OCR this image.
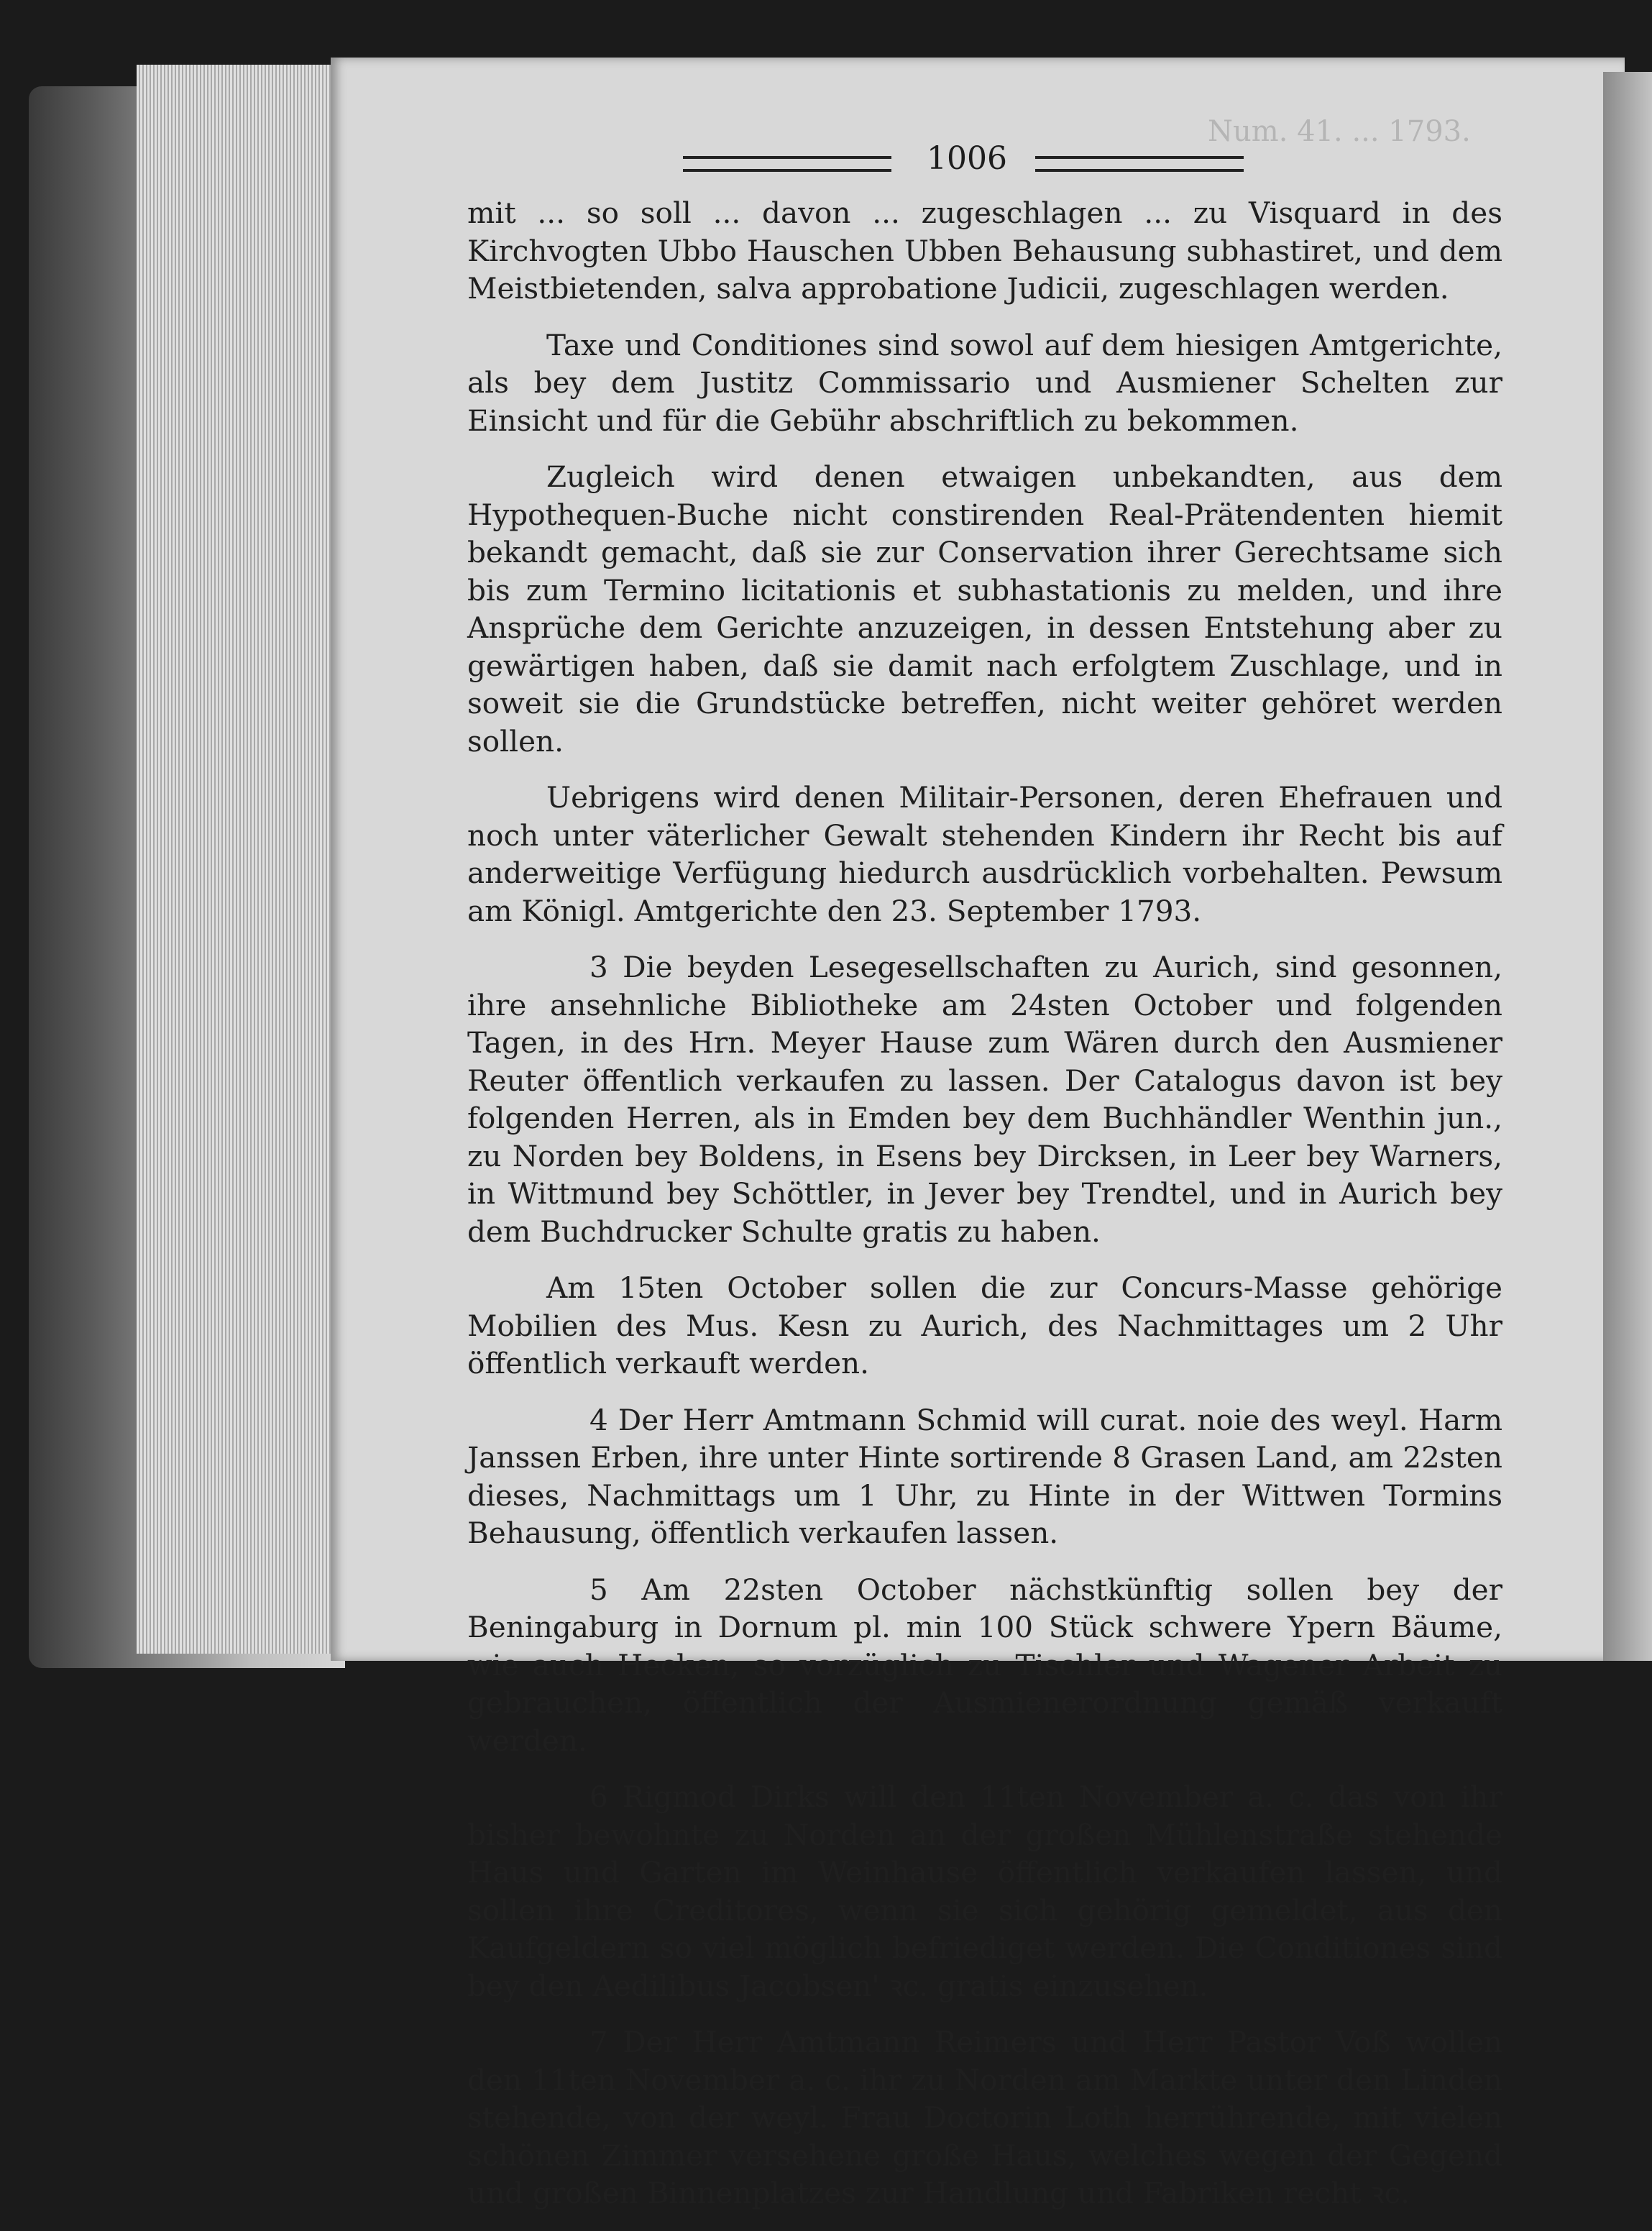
Num. 41. ... 1793.
1006

mit ... so soll ... davon ... zugeschlagen ... zu Visquard in des Kirchvogten Ubbo Hauschen Ubben Behausung subhastiret, und dem Meistbietenden, salva approbatione Judicii, zugeschlagen werden.

Taxe und Conditiones sind sowol auf dem hiesigen Amtgerichte, als bey dem Justitz Commissario und Ausmiener Schelten zur Einsicht und für die Gebühr abschriftlich zu bekommen.

Zugleich wird denen etwaigen unbekandten, aus dem Hypothequen-Buche nicht constirenden Real-Prätendenten hiemit bekandt gemacht, daß sie zur Conservation ihrer Gerechtsame sich bis zum Termino licitationis et subhastationis zu melden, und ihre Ansprüche dem Gerichte anzuzeigen, in dessen Entstehung aber zu gewärtigen haben, daß sie damit nach erfolgtem Zuschlage, und in soweit sie die Grundstücke betreffen, nicht weiter gehöret werden sollen.

Uebrigens wird denen Militair-Personen, deren Ehefrauen und noch unter väterlicher Gewalt stehenden Kindern ihr Recht bis auf anderweitige Verfügung hiedurch ausdrücklich vorbehalten. Pewsum am Königl. Amtgerichte den 23. September 1793.

3 Die beyden Lesegesellschaften zu Aurich, sind gesonnen, ihre ansehnliche Bibliotheke am 24sten October und folgenden Tagen, in des Hrn. Meyer Hause zum Wären durch den Ausmiener Reuter öffentlich verkaufen zu lassen. Der Catalogus davon ist bey folgenden Herren, als in Emden bey dem Buchhändler Wenthin jun., zu Norden bey Boldens, in Esens bey Dircksen, in Leer bey Warners, in Wittmund bey Schöttler, in Jever bey Trendtel, und in Aurich bey dem Buchdrucker Schulte gratis zu haben.

Am 15ten October sollen die zur Concurs-Masse gehörige Mobilien des Mus. Kesn zu Aurich, des Nachmittages um 2 Uhr öffentlich verkauft werden.

4 Der Herr Amtmann Schmid will curat. noie des weyl. Harm Janssen Erben, ihre unter Hinte sortirende 8 Grasen Land, am 22sten dieses, Nachmittags um 1 Uhr, zu Hinte in der Wittwen Tormins Behausung, öffentlich verkaufen lassen.

5 Am 22sten October nächstkünftig sollen bey der Beningaburg in Dornum pl. min 100 Stück schwere Ypern Bäume, wie auch Hecken, so vorzüglich zu Tischler und Wagener Arbeit zu gebrauchen, öffentlich der Ausmienerordnung gemäß verkauft werden.

6 Rigmod Dirks will den 11ten November a. c. das von ihr bisher bewohnte zu Norden an der großen Mühlenstraße stehende Haus und Garten im Weinhause öffentlich verkaufen lassen, und sollen ihre Creditores, wenn sie sich gehörig gemeldet, aus den Kaufgeldern so viel möglich befriediget werden. Die Conditiones sind bey den Aedilibus Jacobsen' ꝛc. gratis einzusehen.

7 Der Herr Amtmann Reimers und Herr Pastor Voß wollen den 11ten November a. c. ihr zu Norden am Markte unter den Linden stehende, von der weyl. Frau Doctorin Loth herrührende, mit vielen schönen Zimmer versehene große Haus, welches wegen der Gegend und großen Binnenplatzes zur Handlung und Fabriken recht ꝛc.
